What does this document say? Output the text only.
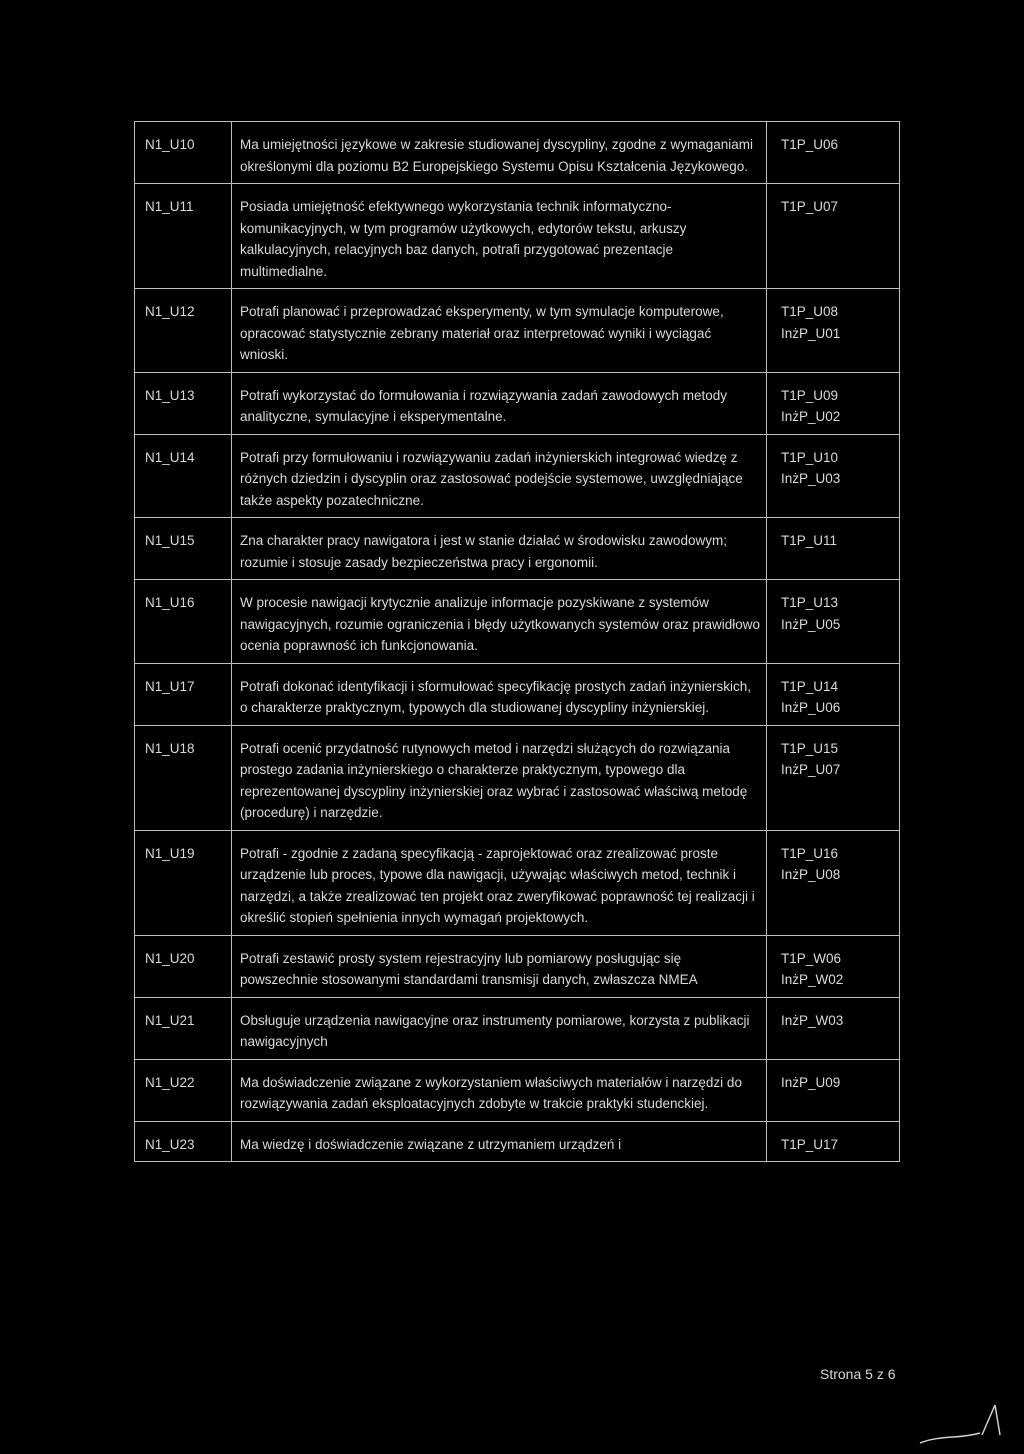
N1_U10	Ma umiejętności językowe w zakresie studiowanej dyscypliny, zgodne z wymaganiami określonymi dla poziomu B2 Europejskiego Systemu Opisu Kształcenia Językowego.	T1P_U06

N1_U11	Posiada umiejętność efektywnego wykorzystania technik informatyczno-komunikacyjnych, w tym programów użytkowych, edytorów tekstu, arkuszy kalkulacyjnych, relacyjnych baz danych, potrafi przygotować prezentacje multimedialne.	T1P_U07

N1_U12	Potrafi planować i przeprowadzać eksperymenty, w tym symulacje komputerowe, opracować statystycznie zebrany materiał oraz interpretować wyniki i wyciągać wnioski.	T1P_U08
InżP_U01

N1_U13	Potrafi wykorzystać do formułowania i rozwiązywania zadań zawodowych metody analityczne, symulacyjne i eksperymentalne.	T1P_U09
InżP_U02

N1_U14	Potrafi przy formułowaniu i rozwiązywaniu zadań inżynierskich integrować wiedzę z różnych dziedzin i dyscyplin oraz zastosować podejście systemowe, uwzględniające także aspekty pozatechniczne.	T1P_U10
InżP_U03

N1_U15	Zna charakter pracy nawigatora i jest w stanie działać w środowisku zawodowym; rozumie i stosuje zasady bezpieczeństwa pracy i ergonomii.	T1P_U11

N1_U16	W procesie nawigacji krytycznie analizuje informacje pozyskiwane z systemów nawigacyjnych, rozumie ograniczenia i błędy użytkowanych systemów oraz prawidłowo ocenia poprawność ich funkcjonowania.	T1P_U13
InżP_U05

N1_U17	Potrafi dokonać identyfikacji i sformułować specyfikację prostych zadań inżynierskich, o charakterze praktycznym, typowych dla studiowanej dyscypliny inżynierskiej.	T1P_U14
InżP_U06

N1_U18	Potrafi ocenić przydatność rutynowych metod i narzędzi służących do rozwiązania prostego zadania inżynierskiego o charakterze praktycznym, typowego dla reprezentowanej dyscypliny inżynierskiej oraz wybrać i zastosować właściwą metodę (procedurę) i narzędzie.	T1P_U15
InżP_U07

N1_U19	Potrafi - zgodnie z zadaną specyfikacją - zaprojektować oraz zrealizować proste urządzenie lub proces, typowe dla nawigacji, używając właściwych metod, technik i narzędzi, a także zrealizować ten projekt oraz zweryfikować poprawność tej realizacji i określić stopień spełnienia innych wymagań projektowych.	T1P_U16
InżP_U08

N1_U20	Potrafi zestawić prosty system rejestracyjny lub pomiarowy posługując się powszechnie stosowanymi standardami transmisji danych, zwłaszcza NMEA	T1P_W06
InżP_W02

N1_U21	Obsługuje urządzenia nawigacyjne oraz instrumenty pomiarowe, korzysta z publikacji nawigacyjnych	InżP_W03

N1_U22	Ma doświadczenie związane z wykorzystaniem właściwych materiałów i narzędzi do rozwiązywania zadań eksploatacyjnych zdobyte w trakcie praktyki studenckiej.	InżP_U09

N1_U23	Ma wiedzę i doświadczenie związane z utrzymaniem urządzeń i	T1P_U17
Strona 5 z 6
